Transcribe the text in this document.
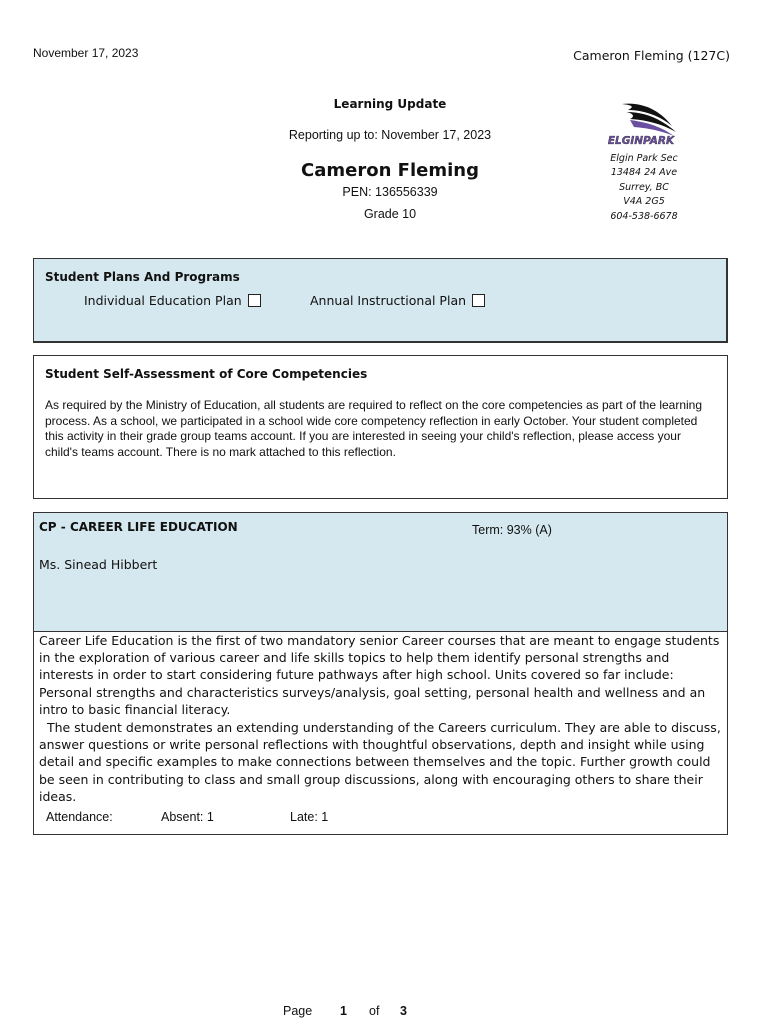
November 17, 2023	Cameron Fleming (127C)
Learning Update
Reporting up to: November 17, 2023
Cameron Fleming
PEN: 136556339
Grade 10
ELGINPARK
Elgin Park Sec
13484 24 Ave
Surrey, BC
V4A 2G5
604-538-6678
Student Plans And Programs
Individual Education Plan	Annual Instructional Plan
Student Self-Assessment of Core Competencies
As required by the Ministry of Education, all students are required to reflect on the core competencies as part of the learning process. As a school, we participated in a school wide core competency reflection in early October. Your student completed this activity in their grade group teams account. If you are interested in seeing your child's reflection, please access your child's teams account. There is no mark attached to this reflection.
CP - CAREER LIFE EDUCATION	Term: 93% (A)
Ms. Sinead Hibbert
Career Life Education is the first of two mandatory senior Career courses that are meant to engage students in the exploration of various career and life skills topics to help them identify personal strengths and interests in order to start considering future pathways after high school. Units covered so far include: Personal strengths and characteristics surveys/analysis, goal setting, personal health and wellness and an intro to basic financial literacy.
The student demonstrates an extending understanding of the Careers curriculum. They are able to discuss, answer questions or write personal reflections with thoughtful observations, depth and insight while using detail and specific examples to make connections between themselves and the topic. Further growth could be seen in contributing to class and small group discussions, along with encouraging others to share their ideas.
Attendance:	Absent: 1	Late: 1
Page	1	of	3
